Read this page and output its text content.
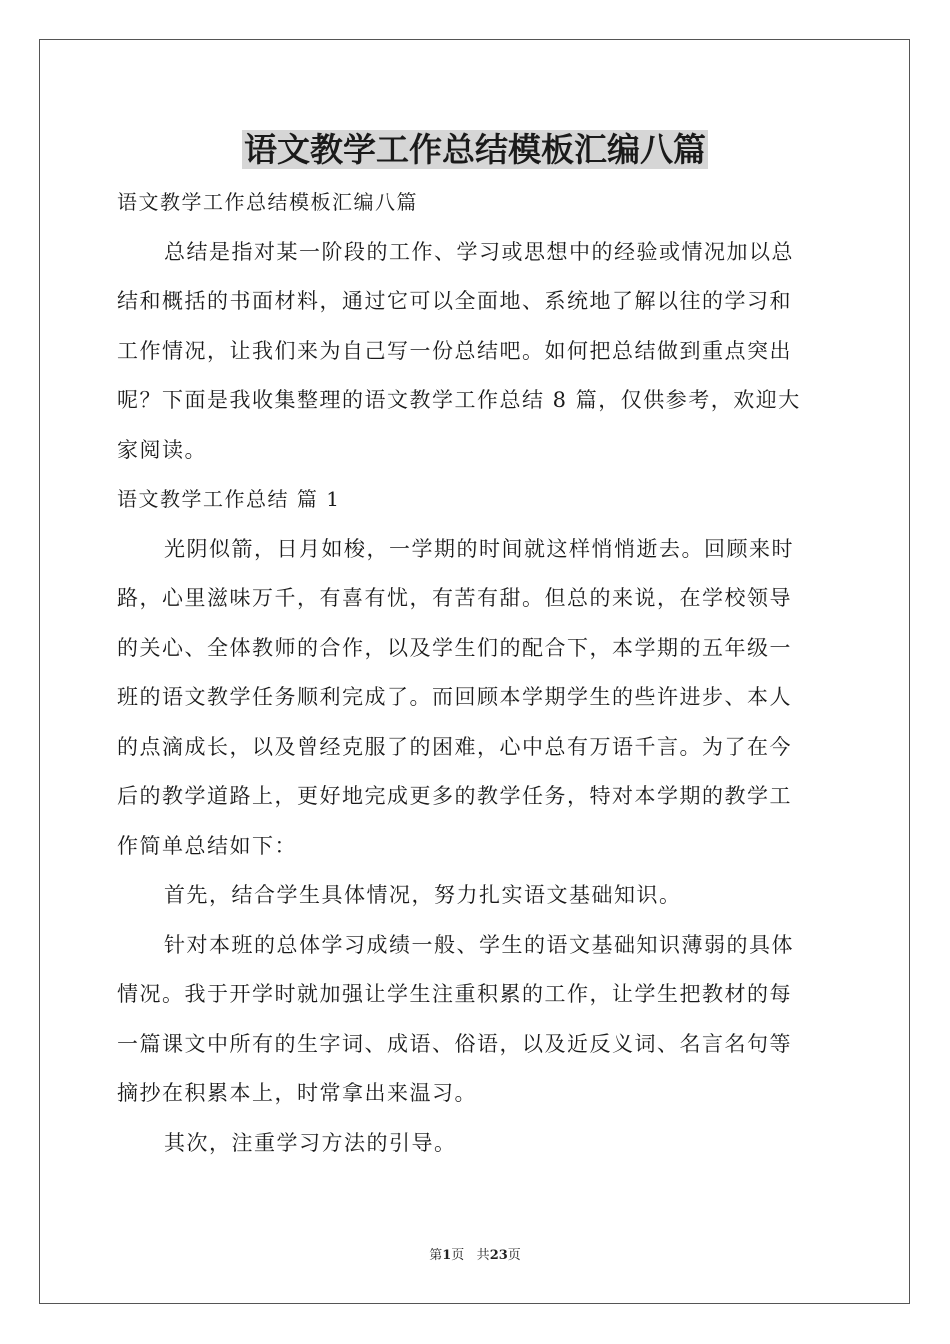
语文教学工作总结模板汇编八篇

语文教学工作总结模板汇编八篇

总结是指对某一阶段的工作、学习或思想中的经验或情况加以总

结和概括的书面材料，通过它可以全面地、系统地了解以往的学习和

工作情况，让我们来为自己写一份总结吧。如何把总结做到重点突出

呢？下面是我收集整理的语文教学工作总结 8 篇，仅供参考，欢迎大

家阅读。

语文教学工作总结 篇 1

光阴似箭，日月如梭，一学期的时间就这样悄悄逝去。回顾来时

路，心里滋味万千，有喜有忧，有苦有甜。但总的来说，在学校领导

的关心、全体教师的合作，以及学生们的配合下，本学期的五年级一

班的语文教学任务顺利完成了。而回顾本学期学生的些许进步、本人

的点滴成长，以及曾经克服了的困难，心中总有万语千言。为了在今

后的教学道路上，更好地完成更多的教学任务，特对本学期的教学工

作简单总结如下：

首先，结合学生具体情况，努力扎实语文基础知识。

针对本班的总体学习成绩一般、学生的语文基础知识薄弱的具体

情况。我于开学时就加强让学生注重积累的工作，让学生把教材的每

一篇课文中所有的生字词、成语、俗语，以及近反义词、名言名句等

摘抄在积累本上，时常拿出来温习。

其次，注重学习方法的引导。

第1页 共23页
